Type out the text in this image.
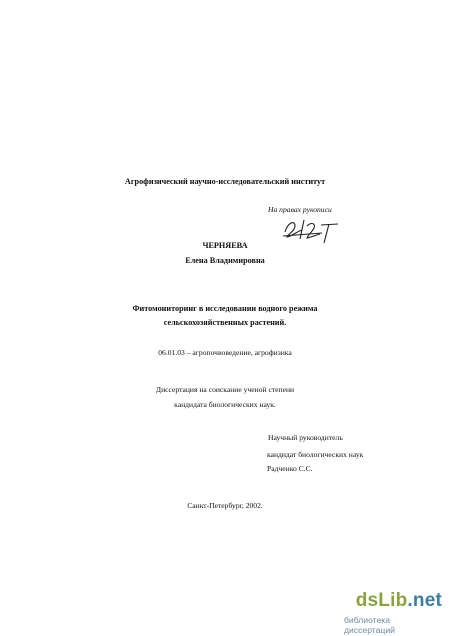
Агрофизический научно-исследовательский институт
На правах рукописи
ЧЕРНЯЕВА
Елена Владимировна
Фитомониторинг в исследовании водного режима
сельскохозяйственных растений.
06.01.03 – агропочвоведение, агрофизика
Диссертация на соискание ученой степени
кандидата биологических наук.
Научный руководитель
кандидат биологических наук
Радченко С.С.
Санкт-Петербург, 2002.
dsLib.net
библиотека диссертаций
